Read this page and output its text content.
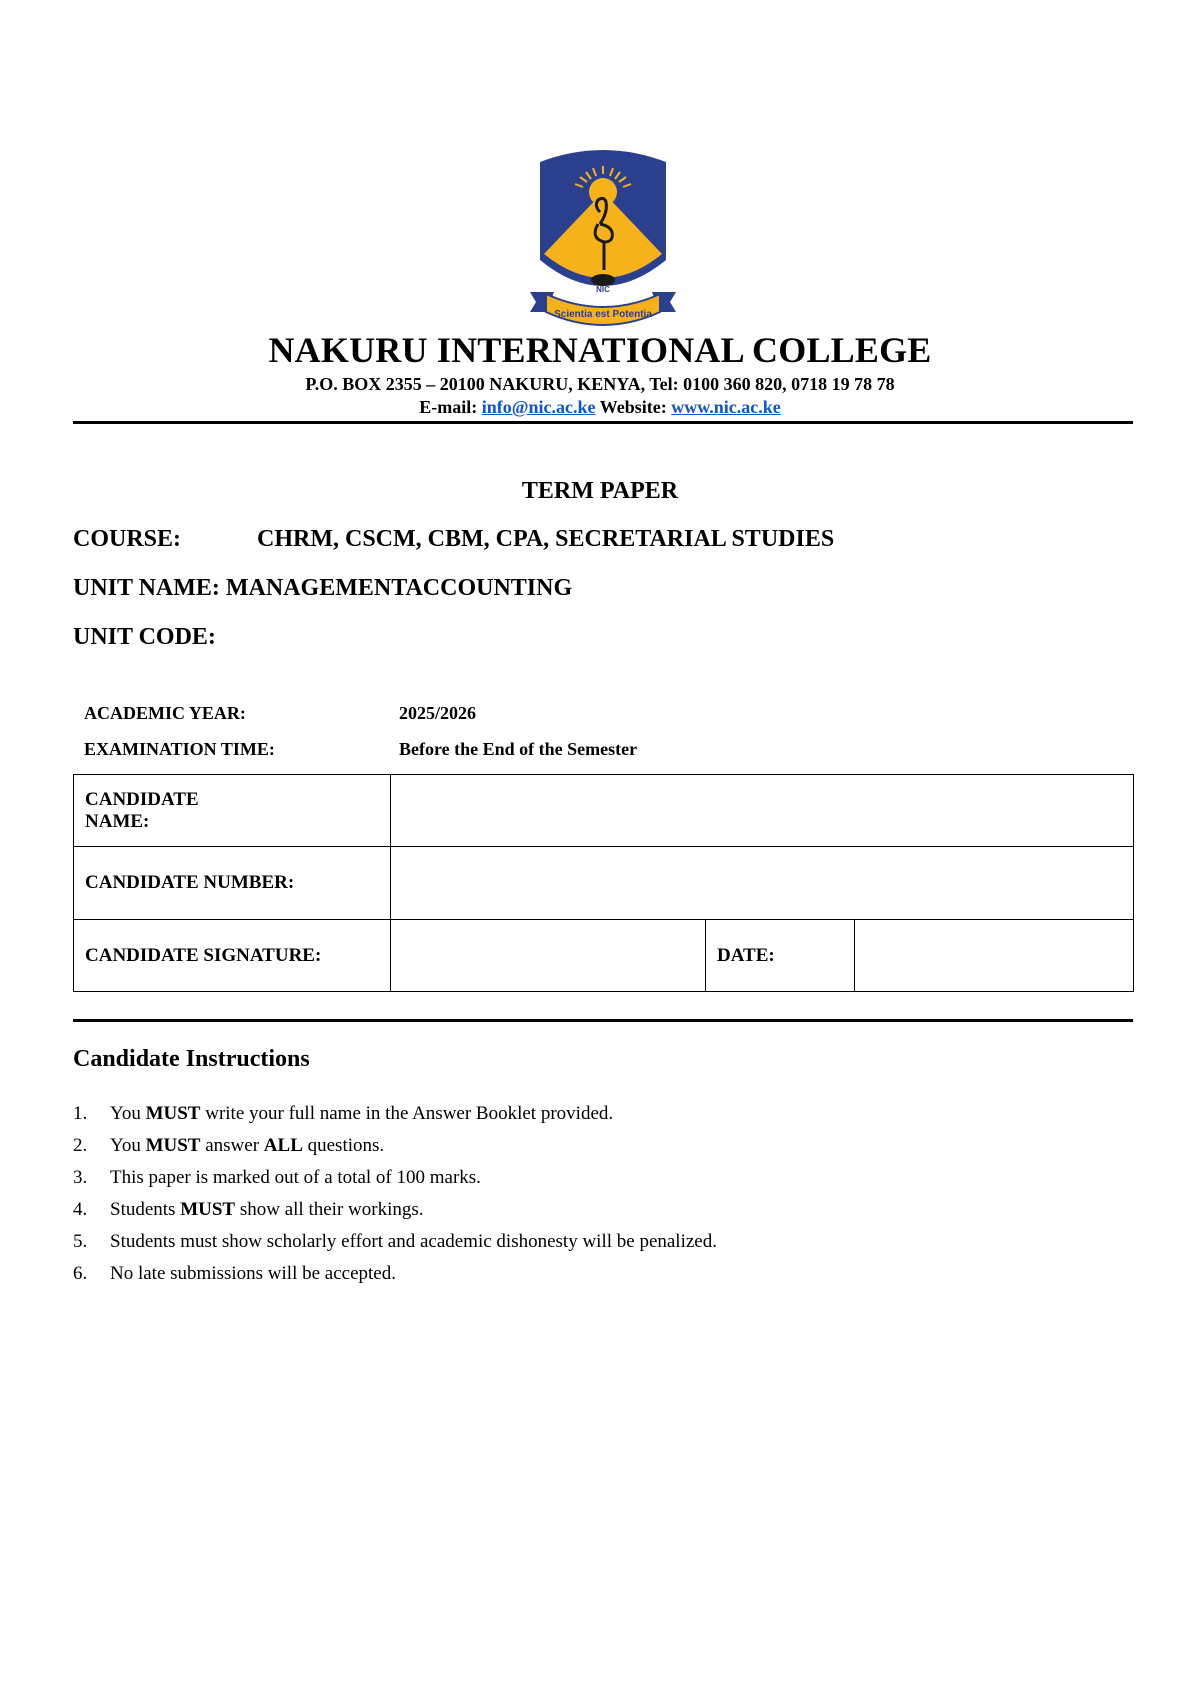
NIC
Scientia est Potentia
NAKURU INTERNATIONAL COLLEGE
P.O. BOX 2355 – 20100 NAKURU, KENYA, Tel: 0100 360 820, 0718 19 78 78
E-mail: info@nic.ac.ke Website: www.nic.ac.ke
TERM PAPER
COURSE:	CHRM, CSCM, CBM, CPA, SECRETARIAL STUDIES
UNIT NAME: MANAGEMENTACCOUNTING
UNIT CODE:
ACADEMIC YEAR:	2025/2026
EXAMINATION TIME:	Before the End of the Semester
CANDIDATE
NAME:			

CANDIDATE NUMBER:			
CANDIDATE SIGNATURE:		DATE:	
Candidate Instructions
1. You MUST write your full name in the Answer Booklet provided.
2. You MUST answer ALL questions.
3. This paper is marked out of a total of 100 marks.
4. Students MUST show all their workings.
5. Students must show scholarly effort and academic dishonesty will be penalized.
6. No late submissions will be accepted.
